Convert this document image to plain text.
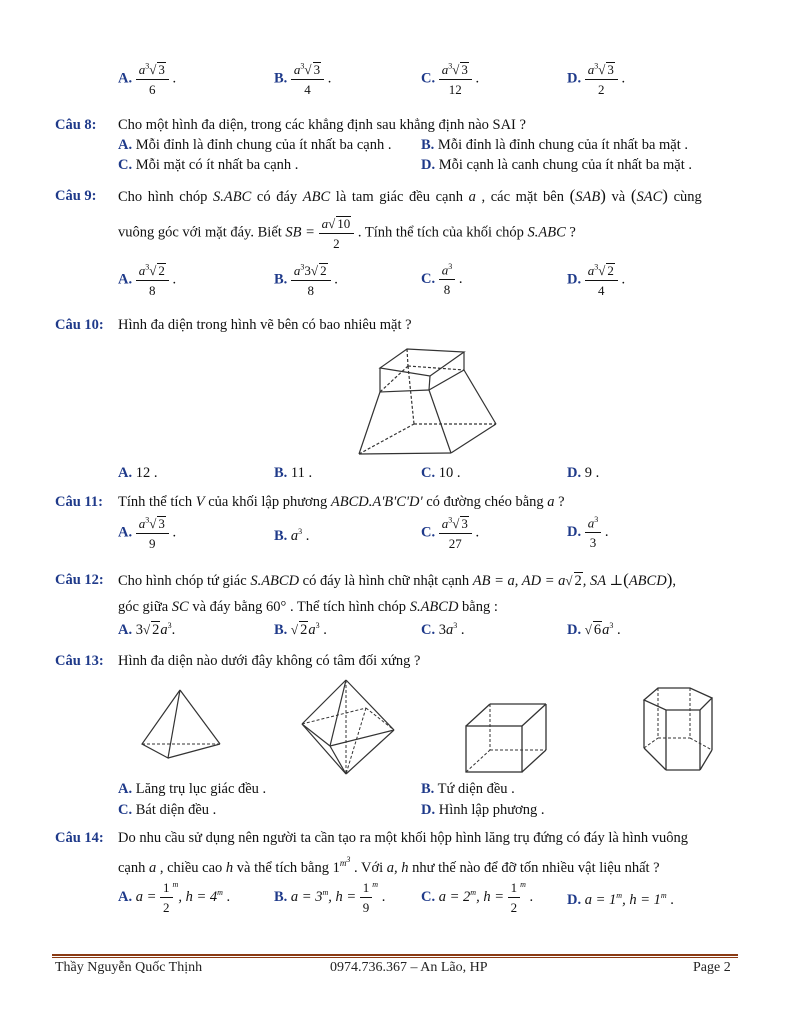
A. $\frac{a^3√ 3}{6}$ .	B. $\frac{a^3√ 3}{4}$ .	C. $\frac{a^3√ 3}{12}$ .	D. $\frac{a^3√ 3}{2}$ .
Câu 8: Cho một hình đa diện, trong các khẳng định sau khẳng định nào SAI ?
A. Mỗi đỉnh là đỉnh chung của ít nhất ba cạnh . B. Mỗi đỉnh là đỉnh chung của ít nhất ba mặt .
C. Mỗi mặt có ít nhất ba cạnh .	D. Mỗi cạnh là canh chung của ít nhất ba mặt .
Câu 9: Cho hình chóp S.ABC có đáy ABC là tam giác đều cạnh a , các mặt bên (SAB) và (SAC) cùng
vuông góc với mặt đáy. Biết SB = $\frac{a√ 10}{2}$ . Tính thể tích của khối chóp S.ABC ?
A. $\frac{a^3√ 2}{8}$ .	B. $\frac{a^33√ 2}{8}$ .	C. $\frac{a^3}{8}$ .	D. $\frac{a^3√ 2}{4}$ .
Câu 10: Hình đa diện trong hình vẽ bên có bao nhiêu mặt ?
A. 12 .	B. 11 .	C. 10 .	D. 9 .
Câu 11: Tính thể tích V của khối lập phương ABCD.A'B'C'D' có đường chéo bằng a ?
A. $\frac{a^3√ 3}{9}$ .	B. $a^3$ .	C. $\frac{a^3√ 3}{27}$ .	D. $\frac{a^3}{3}$ .
Câu 12: Cho hình chóp tứ giác S.ABCD có đáy là hình chữ nhật cạnh AB = a, AD = a√ 2, SA ⊥(ABCD),
góc giữa SC và đáy bằng 60° . Thể tích hình chóp S.ABCD bằng :
A. 3√ $2a^3$.	B. √ $2a^3$ .	C. $3a^3$ .	D. √ $6a^3$ .
Câu 13: Hình đa diện nào dưới đây không có tâm đối xứng ?
A. Lăng trụ lục giác đều .	B. Tứ diện đều .
C. Bát diện đều .	D. Hình lập phương .
Câu 14: Do nhu cầu sử dụng nên người ta cần tạo ra một khối hộp hình lăng trụ đứng có đáy là hình vuông
cạnh a , chiều cao h và thể tích bằng $1^{m^3}$ . Với a, h như thế nào để đỡ tốn nhiều vật liệu nhất ?
A. $a = \frac{1}{2} ^m$, $h = 4^m$ .	B. $a = 3^m$, $h = \frac{1}{9} ^m$ . C. $a = 2^m$, $h = \frac{1}{2} ^m$ . D. $a = 1^m$, $h = 1^m$ .
Thầy Nguyễn Quốc Thịnh	0974.736.367 – An Lão, HP	Page 2
